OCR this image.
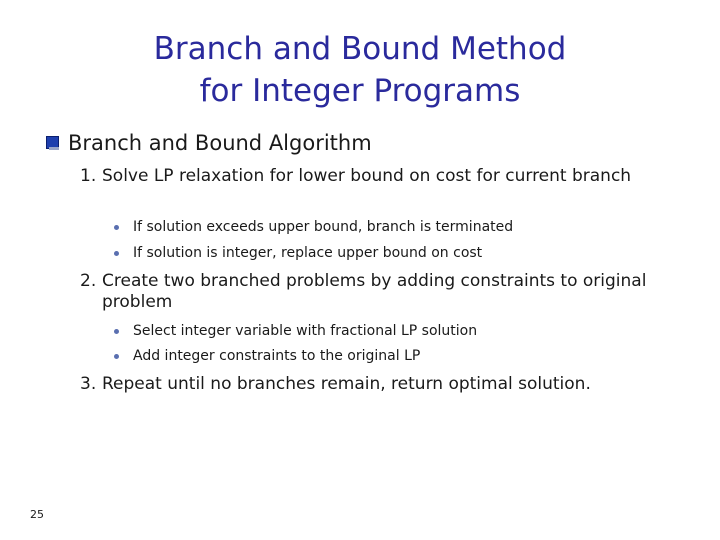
Branch and Bound Method
for Integer Programs
Branch and Bound Algorithm
1. Solve LP relaxation for lower bound on cost for current branch
If solution exceeds upper bound, branch is terminated
If solution is integer, replace upper bound on cost
2. Create two branched problems by adding constraints to original problem
Select integer variable with fractional LP solution
Add integer constraints to the original LP
3. Repeat until no branches remain, return optimal solution.
25
